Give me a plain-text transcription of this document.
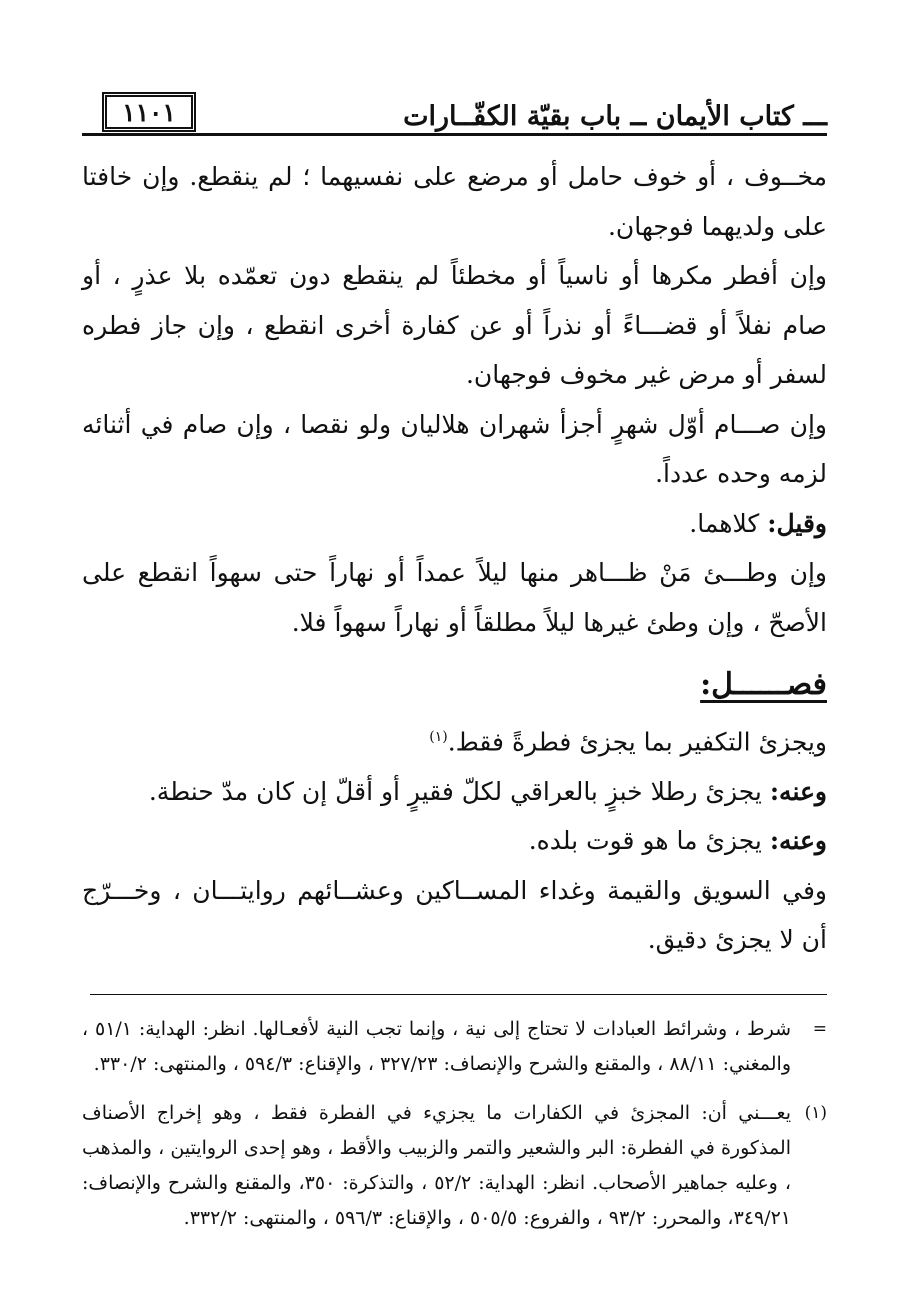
ـــ كتاب الأيمان ــ باب بقيّة الكفّــارات
١١٠١

مخــوف ، أو خوف حامل أو مرضع على نفسيهما ؛ لم ينقطع. وإن خافتا على ولديهما فوجهان.

وإن أفطر مكرها أو ناسياً أو مخطئاً لم ينقطع دون تعمّده بلا عذرٍ ، أو صام نفلاً أو قضـــاءً أو نذراً أو عن كفارة أخرى انقطع ، وإن جاز فطره لسفر أو مرض غير مخوف فوجهان.

وإن صـــام أوّل شهرٍ أجزأ شهران هلاليان ولو نقصا ، وإن صام في أثنائه لزمه وحده عدداً.

وقيل: كلاهما.

وإن وطـــئ مَنْ ظـــاهر منها ليلاً عمداً أو نهاراً حتى سهواً انقطع على الأصحّ ، وإن وطئ غيرها ليلاً مطلقاً أو نهاراً سهواً فلا.

فصــــــل:

ويجزئ التكفير بما يجزئ فطرةً فقط.$^{(١)}$

وعنه: يجزئ رطلا خبزٍ بالعراقي لكلّ فقيرٍ أو أقلّ إن كان مدّ حنطة.

وعنه: يجزئ ما هو قوت بلده.

وفي السويق والقيمة وغداء المســاكين وعشــائهم روايتـــان ، وخـــرّج أن لا يجزئ دقيق.

=
شرط ، وشرائط العبادات لا تحتاج إلى نية ، وإنما تجب النية لأفعـالها. انظر: الهداية: ٥١/١ ، والمغني: ٨٨/١١ ، والمقنع والشرح والإنصاف: ٣٢٧/٢٣ ، والإقناع: ٥٩٤/٣ ، والمنتهى: ٣٣٠/٢.
(١)
يعـــني أن: المجزئ في الكفارات ما يجزيء في الفطرة فقط ، وهو إخراج الأصناف المذكورة في الفطرة: البر والشعير والتمر والزبيب والأقط ، وهو إحدى الروايتين ، والمذهب ، وعليه جماهير الأصحاب. انظر: الهداية: ٥٢/٢ ، والتذكرة: ٣٥٠، والمقنع والشرح والإنصاف: ٣٤٩/٢١، والمحرر: ٩٣/٢ ، والفروع: ٥٠٥/٥ ، والإقناع: ٥٩٦/٣ ، والمنتهى: ٣٣٢/٢.
